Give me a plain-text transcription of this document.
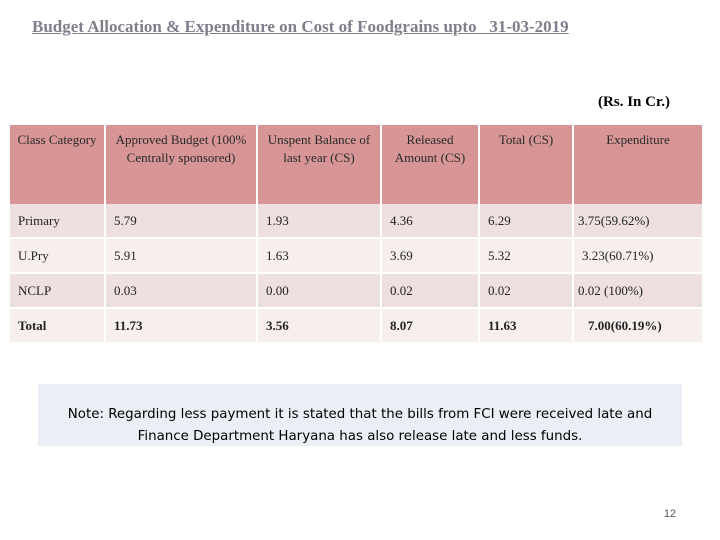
Budget Allocation & Expenditure on Cost of Foodgrains upto   31-03-2019
(Rs. In Cr.)
Class Category	Approved Budget (100% Centrally sponsored)	Unspent Balance of last year (CS)	Released Amount (CS)	Total (CS)	Expenditure
Primary	5.79	1.93	4.36	6.29	3.75(59.62%)
U.Pry	5.91	1.63	3.69	5.32	3.23(60.71%)
NCLP	0.03	0.00	0.02	0.02	0.02 (100%)
Total	11.73	3.56	8.07	11.63	7.00(60.19%)
Note: Regarding less payment it is stated that the bills from FCI were received late and
Finance Department Haryana has also release late and less funds.
12
